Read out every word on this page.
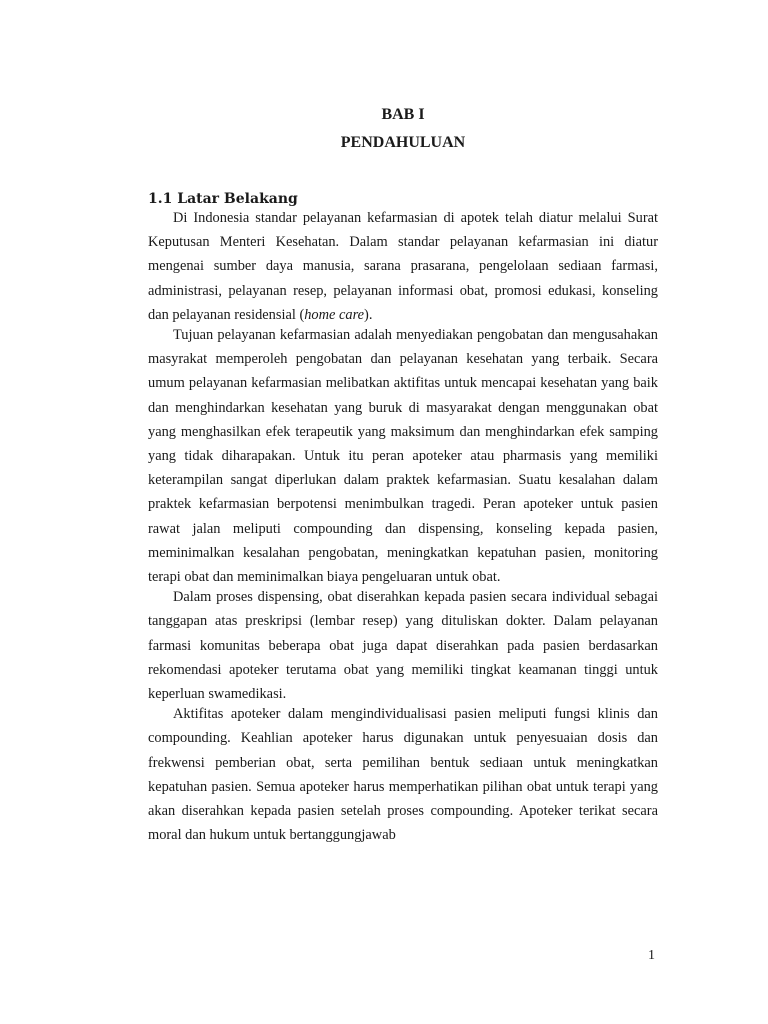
BAB I
PENDAHULUAN
1.1 Latar Belakang

Di Indonesia standar pelayanan kefarmasian di apotek telah diatur melalui Surat Keputusan Menteri Kesehatan. Dalam standar pelayanan kefarmasian ini diatur mengenai sumber daya manusia, sarana prasarana, pengelolaan sediaan farmasi, administrasi, pelayanan resep, pelayanan informasi obat, promosi edukasi, konseling dan pelayanan residensial (home care).

Tujuan pelayanan kefarmasian adalah menyediakan pengobatan dan mengusahakan masyrakat memperoleh pengobatan dan pelayanan kesehatan yang terbaik. Secara umum pelayanan kefarmasian melibatkan aktifitas untuk mencapai kesehatan yang baik dan menghindarkan kesehatan yang buruk di masyarakat dengan menggunakan obat yang menghasilkan efek terapeutik yang maksimum dan menghindarkan efek samping yang tidak diharapakan. Untuk itu peran apoteker atau pharmasis yang memiliki keterampilan sangat diperlukan dalam praktek kefarmasian. Suatu kesalahan dalam praktek kefarmasian berpotensi menimbulkan tragedi. Peran apoteker untuk pasien rawat jalan meliputi compounding dan dispensing, konseling kepada pasien, meminimalkan kesalahan pengobatan, meningkatkan kepatuhan pasien, monitoring terapi obat dan meminimalkan biaya pengeluaran untuk obat.

Dalam proses dispensing, obat diserahkan kepada pasien secara individual sebagai tanggapan atas preskripsi (lembar resep) yang dituliskan dokter. Dalam pelayanan farmasi komunitas beberapa obat juga dapat diserahkan pada pasien berdasarkan rekomendasi apoteker terutama obat yang memiliki tingkat keamanan tinggi untuk keperluan swamedikasi.

Aktifitas apoteker dalam mengindividualisasi pasien meliputi fungsi klinis dan compounding. Keahlian apoteker harus digunakan untuk penyesuaian dosis dan frekwensi pemberian obat, serta pemilihan bentuk sediaan untuk meningkatkan kepatuhan pasien. Semua apoteker harus memperhatikan pilihan obat untuk terapi yang akan diserahkan kepada pasien setelah proses compounding. Apoteker terikat secara moral dan hukum untuk bertanggungjawab

1
